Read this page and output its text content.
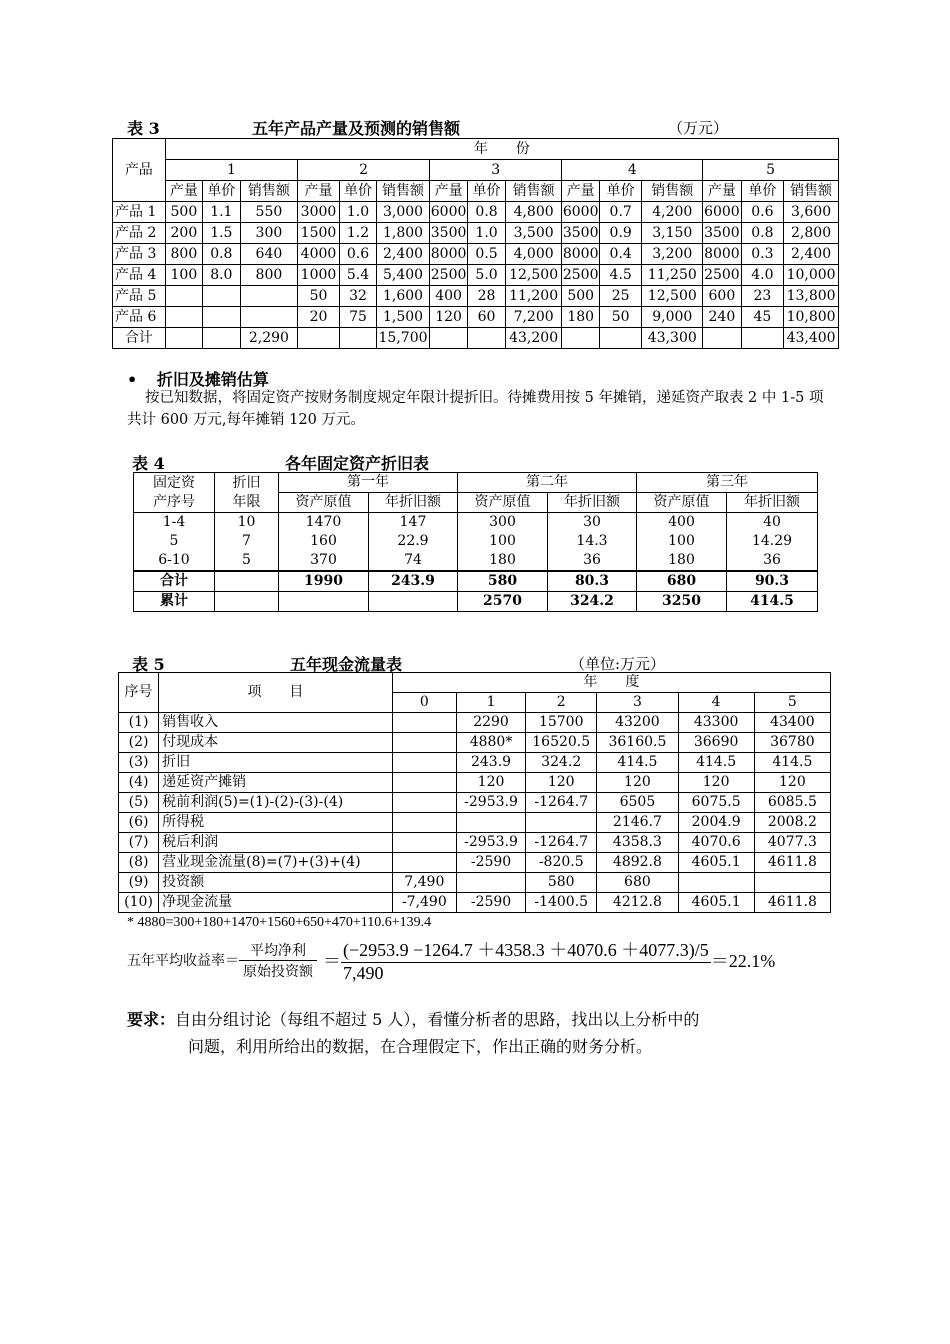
表 3	五年产品产量及预测的销售额	（万元）
产品	年　　份														
	1			2			3			4			5		
	产量	单价	销售额	产量	单价	销售额	产量	单价	销售额	产量	单价	销售额	产量	单价	销售额
产品 1	500	1.1	550	3000	1.0	3,000	6000	0.8	4,800	6000	0.7	4,200	6000	0.6	3,600
产品 2	200	1.5	300	1500	1.2	1,800	3500	1.0	3,500	3500	0.9	3,150	3500	0.8	2,800
产品 3	800	0.8	640	4000	0.6	2,400	8000	0.5	4,000	8000	0.4	3,200	8000	0.3	2,400
产品 4	100	8.0	800	1000	5.4	5,400	2500	5.0	12,500	2500	4.5	11,250	2500	4.0	10,000
产品 5				50	32	1,600	400	28	11,200	500	25	12,500	600	23	13,800
产品 6				20	75	1,500	120	60	7,200	180	50	9,000	240	45	10,800
合计			2,290			15,700			43,200			43,300			43,400
• 折旧及摊销估算
按已知数据，将固定资产按财务制度规定年限计提折旧。待摊费用按 5 年摊销，递延资产取表 2 中 1-5 项共计 600 万元,每年摊销 120 万元。
表 4	各年固定资产折旧表
固定资
产序号	折旧
年限	第一年		第二年		第三年	
		资产原值	年折旧额	资产原值	年折旧额	资产原值	年折旧额
1-4	10	1470	147	300	30	400	40
5	7	160	22.9	100	14.3	100	14.29
6-10	5	370	74	180	36	180	36
合计		1990	243.9	580	80.3	680	90.3
累计				2570	324.2	3250	414.5
表 5	五年现金流量表	（单位:万元）
序号	项　　目	年　　度					
		0	1	2	3	4	5
(1)	销售收入		2290	15700	43200	43300	43400
(2)	付现成本		4880*	16520.5	36160.5	36690	36780
(3)	折旧		243.9	324.2	414.5	414.5	414.5
(4)	递延资产摊销		120	120	120	120	120
(5)	税前利润(5)=(1)-(2)-(3)-(4)		-2953.9	-1264.7	6505	6075.5	6085.5
(6)	所得税				2146.7	2004.9	2008.2
(7)	税后利润		-2953.9	-1264.7	4358.3	4070.6	4077.3
(8)	营业现金流量(8)=(7)+(3)+(4)		-2590	-820.5	4892.8	4605.1	4611.8
(9)	投资额	7,490		580	680		
(10)	净现金流量	-7,490	-2590	-1400.5	4212.8	4605.1	4611.8
* 4880=300+180+1470+1560+650+470+110.6+139.4
五年平均收益率＝ $\frac{\text{平均净利}}{\text{原始投资额}} = \frac{(-2953.9 -1264.7 +4358.3 +4070.6 +4077.3)/5}{7,490} =22.1\%$
要求：自由分组讨论（每组不超过 5 人），看懂分析者的思路，找出以上分析中的
问题，利用所给出的数据，在合理假定下，作出正确的财务分析。
